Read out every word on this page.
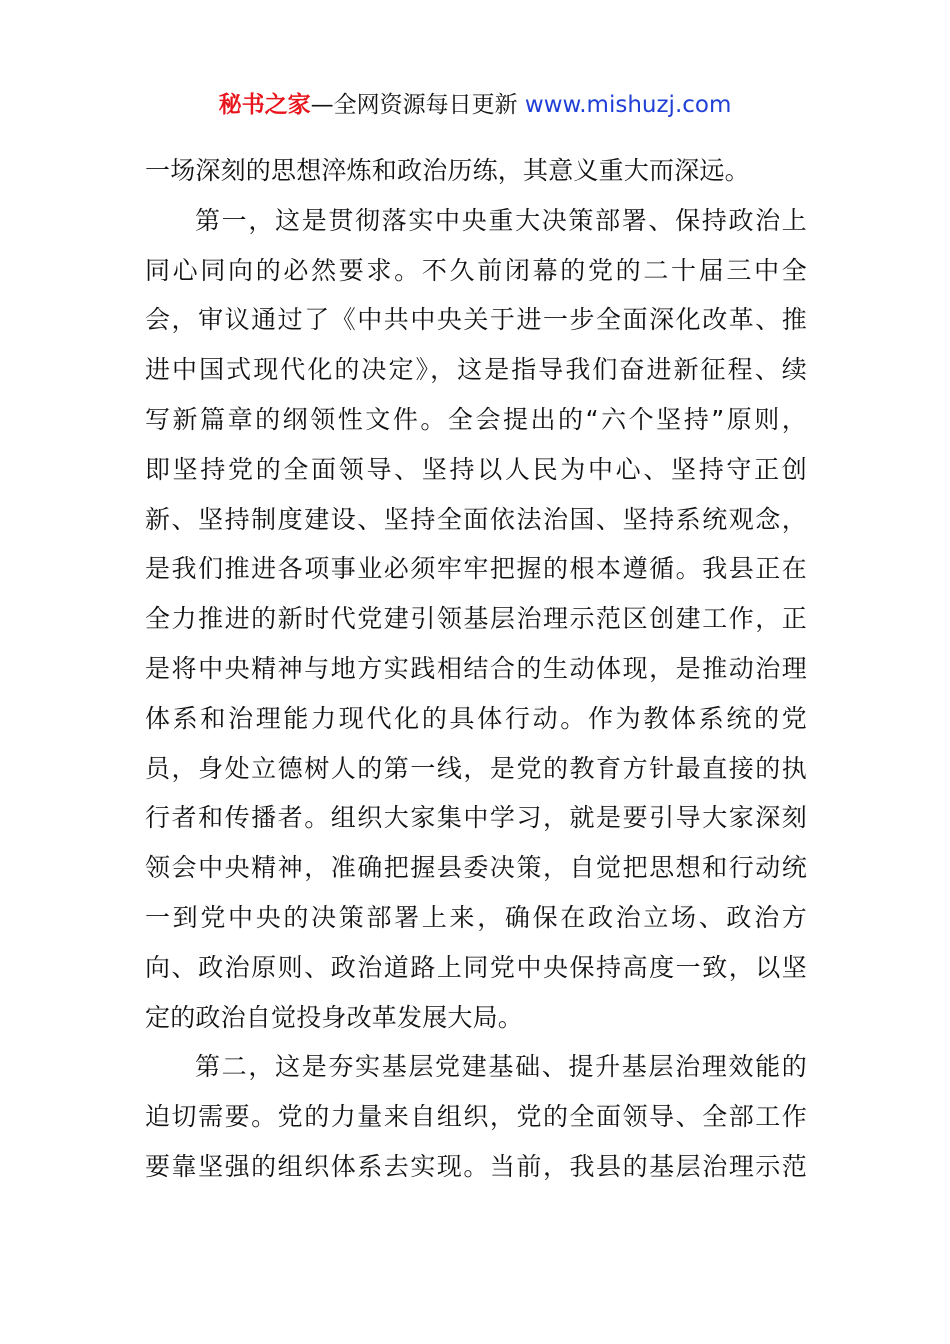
秘书之家—全网资源每日更新 www.mishuzj.com
一场深刻的思想淬炼和政治历练，其意义重大而深远。
第一，这是贯彻落实中央重大决策部署、保持政治上
同心同向的必然要求。不久前闭幕的党的二十届三中全
会，审议通过了《中共中央关于进一步全面深化改革、推
进中国式现代化的决定》，这是指导我们奋进新征程、续
写新篇章的纲领性文件。全会提出的“六个坚持”原则，
即坚持党的全面领导、坚持以人民为中心、坚持守正创
新、坚持制度建设、坚持全面依法治国、坚持系统观念，
是我们推进各项事业必须牢牢把握的根本遵循。我县正在
全力推进的新时代党建引领基层治理示范区创建工作，正
是将中央精神与地方实践相结合的生动体现，是推动治理
体系和治理能力现代化的具体行动。作为教体系统的党
员，身处立德树人的第一线，是党的教育方针最直接的执
行者和传播者。组织大家集中学习，就是要引导大家深刻
领会中央精神，准确把握县委决策，自觉把思想和行动统
一到党中央的决策部署上来，确保在政治立场、政治方
向、政治原则、政治道路上同党中央保持高度一致，以坚
定的政治自觉投身改革发展大局。
第二，这是夯实基层党建基础、提升基层治理效能的
迫切需要。党的力量来自组织，党的全面领导、全部工作
要靠坚强的组织体系去实现。当前，我县的基层治理示范
